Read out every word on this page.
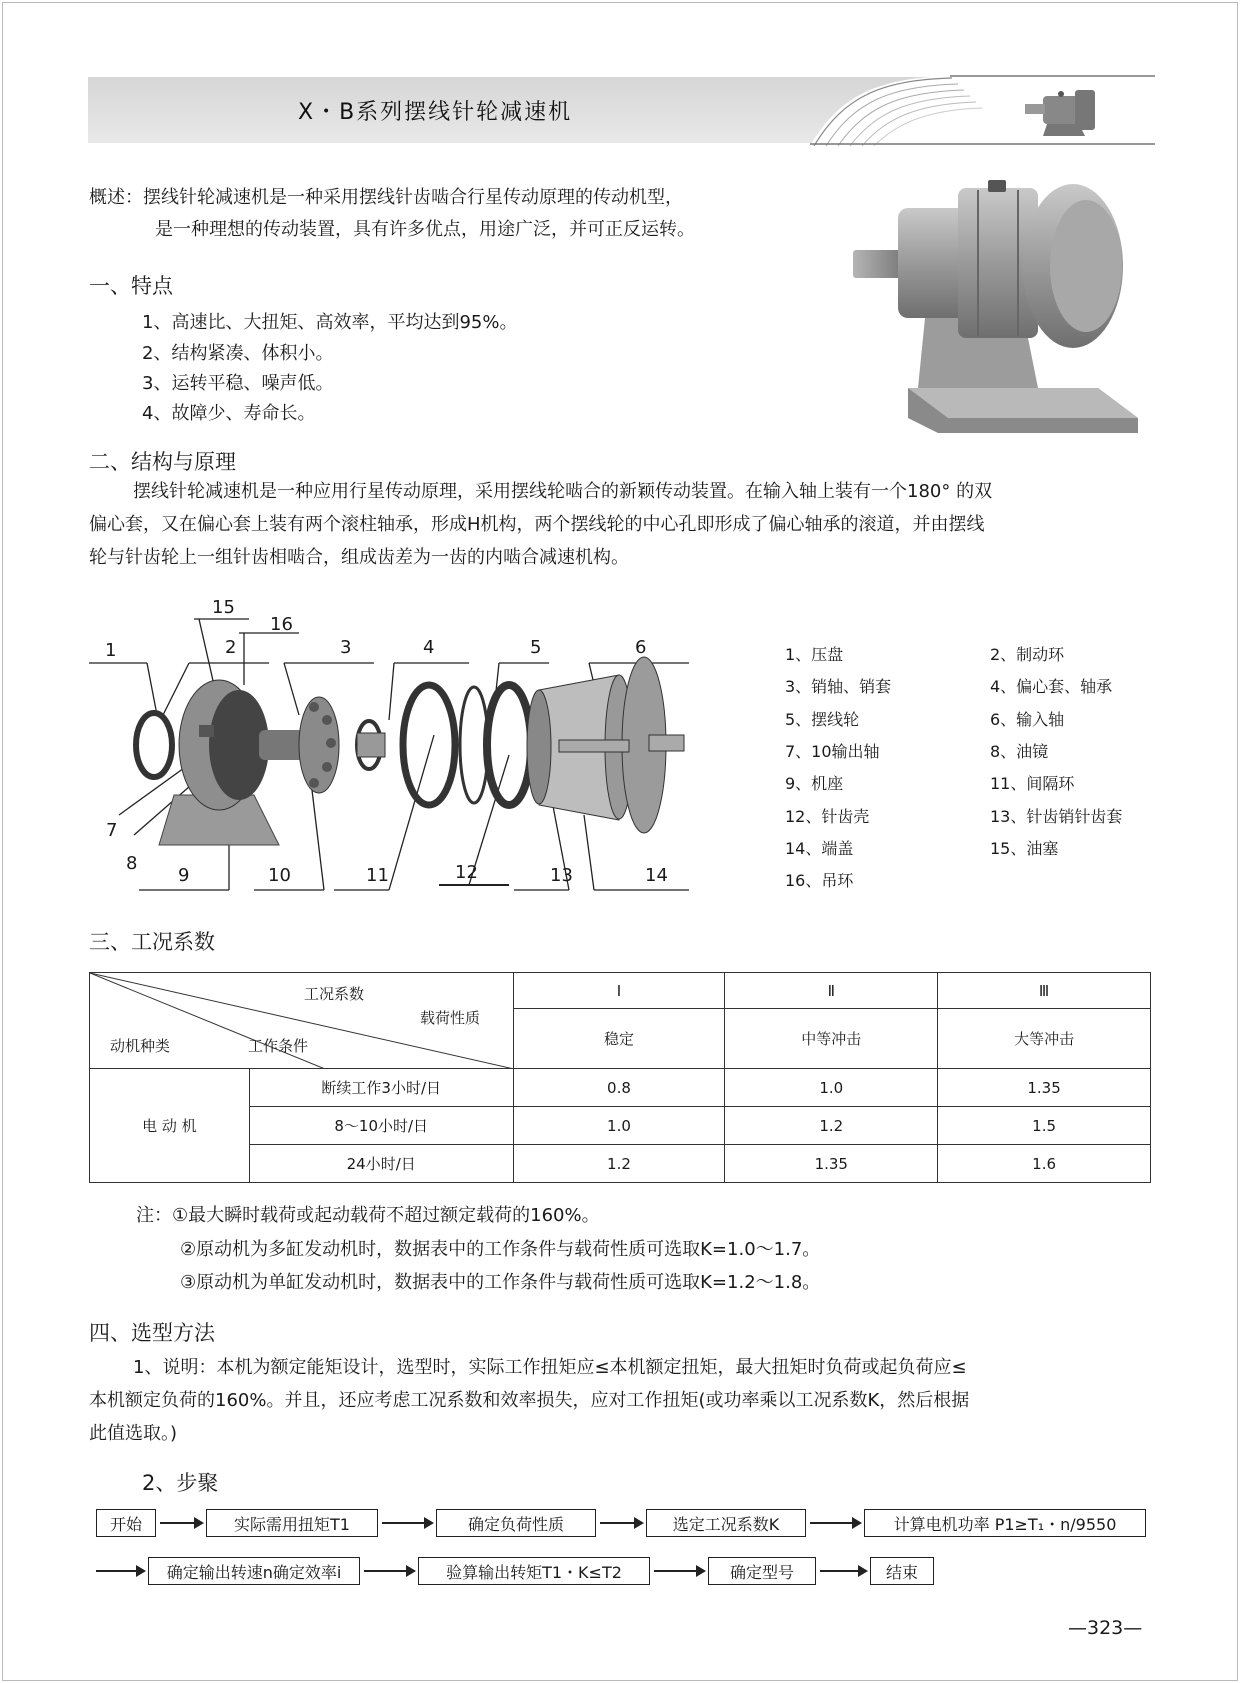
X・B系列摆线针轮减速机
概述：摆线针轮减速机是一种采用摆线针齿啮合行星传动原理的传动机型，
是一种理想的传动装置，具有许多优点，用途广泛，并可正反运转。
一、特点
1、高速比、大扭矩、高效率，平均达到95%。
2、结构紧凑、体积小。
3、运转平稳、噪声低。
4、故障少、寿命长。
二、结构与原理
摆线针轮减速机是一种应用行星传动原理，采用摆线轮啮合的新颖传动装置。在输入轴上装有一个180° 的双
偏心套，又在偏心套上装有两个滚柱轴承，形成H机构，两个摆线轮的中心孔即形成了偏心轴承的滚道，并由摆线
轮与针齿轮上一组针齿相啮合，组成齿差为一齿的内啮合减速机构。
1	2	3	4	5	6
7
8
9	10	11	12	13	14
15
16
1、压盘	2、制动环
3、销轴、销套	4、偏心套、轴承
5、摆线轮	6、输入轴
7、10输出轴	8、油镜
9、机座	11、间隔环
12、针齿壳	13、针齿销针齿套
14、端盖	15、油塞
16、吊环
三、工况系数
工况系数
载荷性质
动机种类 工作条件		Ⅰ	Ⅱ	Ⅲ
		稳定	中等冲击	大等冲击
电 动 机	断续工作3小时/日	0.8	1.0	1.35
	8～10小时/日	1.0	1.2	1.5
	24小时/日	1.2	1.35	1.6
注：①最大瞬时载荷或起动载荷不超过额定载荷的160%。
②原动机为多缸发动机时，数据表中的工作条件与载荷性质可选取K=1.0～1.7。
③原动机为单缸发动机时，数据表中的工作条件与载荷性质可选取K=1.2～1.8。
四、选型方法
1、说明：本机为额定能矩设计，选型时，实际工作扭矩应≤本机额定扭矩，最大扭矩时负荷或起负荷应≤
本机额定负荷的160%。并且，还应考虑工况系数和效率损失，应对工作扭矩(或功率乘以工况系数K，然后根据
此值选取。)
2、步聚
开始	实际需用扭矩T1	确定负荷性质	选定工况系数K	计算电机功率 P1≥T₁・n/9550
确定输出转速n确定效率i	验算输出转矩T1・K≤T2	确定型号	结束
—323—
